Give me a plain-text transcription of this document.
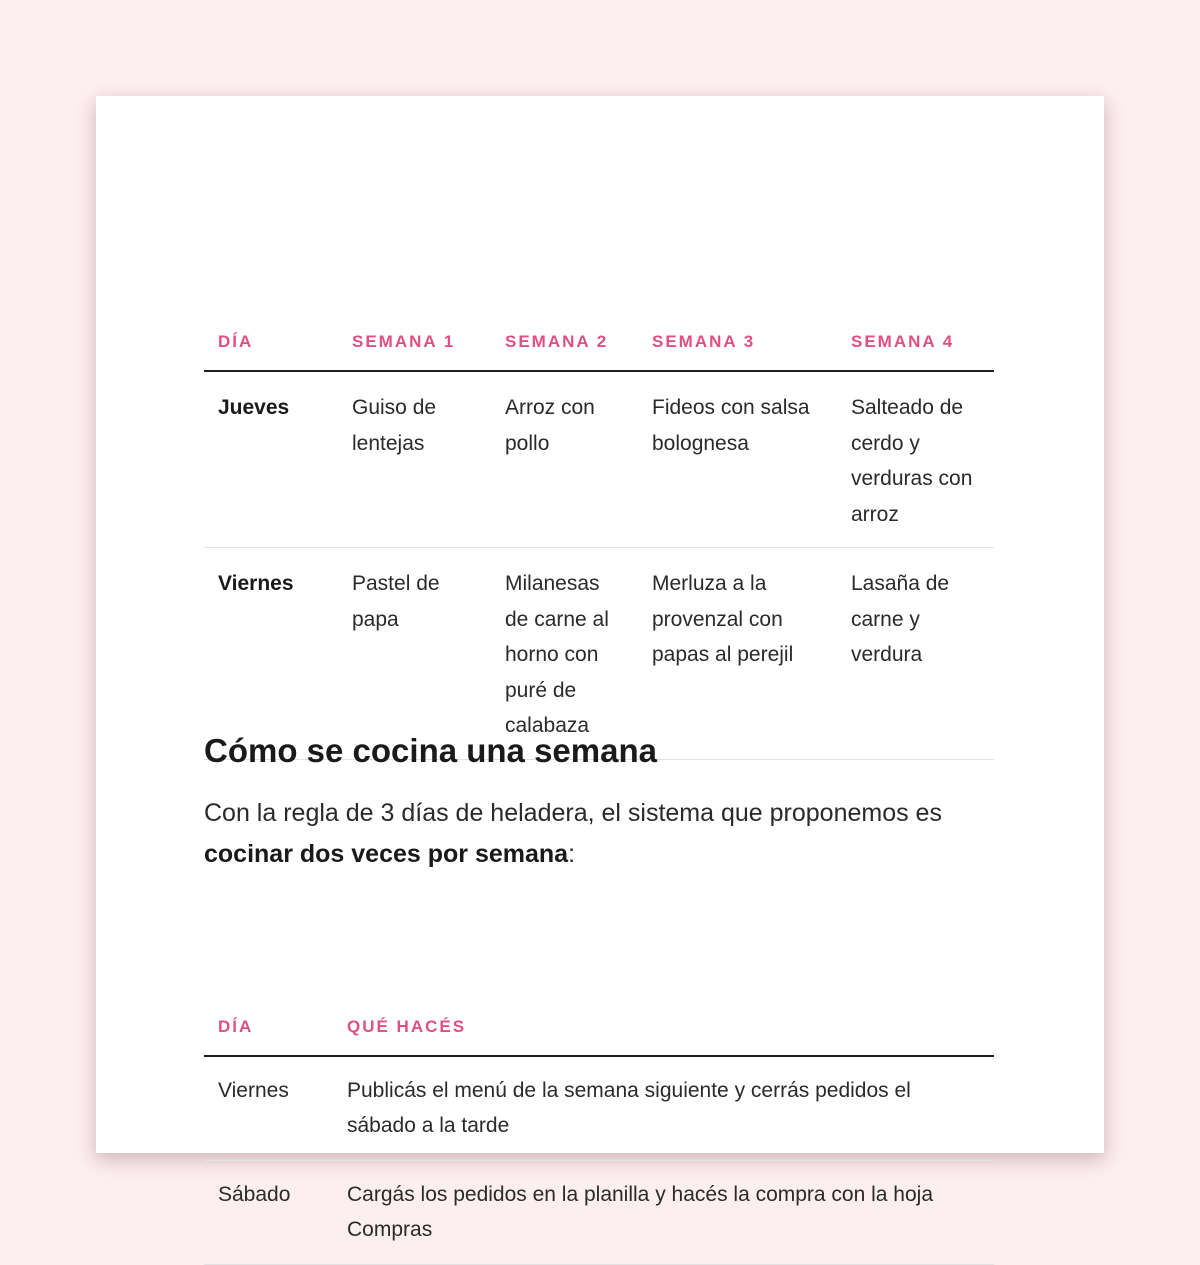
DÍA	SEMANA 1	SEMANA 2	SEMANA 3	SEMANA 4
Jueves	Guiso de lentejas	Arroz con pollo	Fideos con salsa bolognesa	Salteado de cerdo y verduras con arroz
Viernes	Pastel de papa	Milanesas de carne al horno con puré de calabaza	Merluza a la provenzal con papas al perejil	Lasaña de carne y verdura
Cómo se cocina una semana

Con la regla de 3 días de heladera, el sistema que proponemos es cocinar dos veces por semana:

DÍA	QUÉ HACÉS
Viernes	Publicás el menú de la semana siguiente y cerrás pedidos el sábado a la tarde
Sábado	Cargás los pedidos en la planilla y hacés la compra con la hoja Compras
